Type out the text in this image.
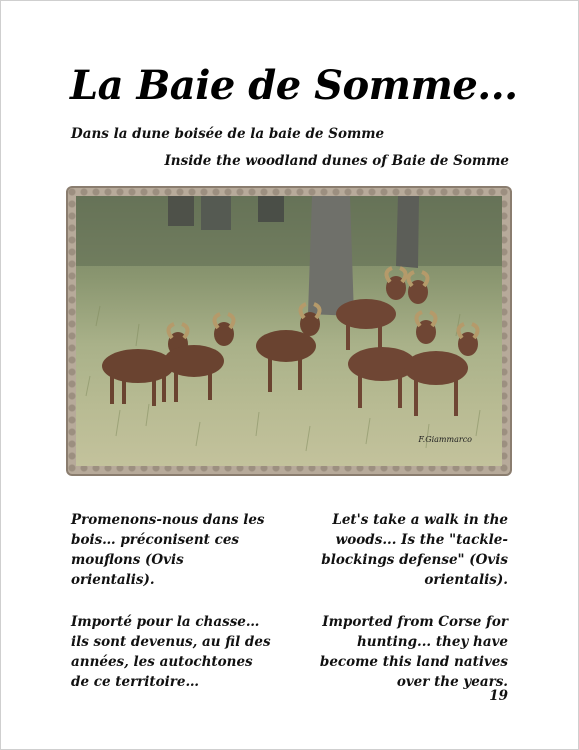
La Baie de Somme...
Dans la dune boisée de la baie de Somme
Inside the woodland dunes of Baie de Somme
F.Giammarco

Promenons-nous dans les bois… préconisent ces mouflons (Ovis orientalis).

Importé pour la chasse… ils sont devenus, au fil des années, les autochtones de ce territoire…

Let's take a walk in the woods... Is the "tackle-blockings defense" (Ovis orientalis).

Imported from Corse for hunting... they have become this land natives over the years.

19
